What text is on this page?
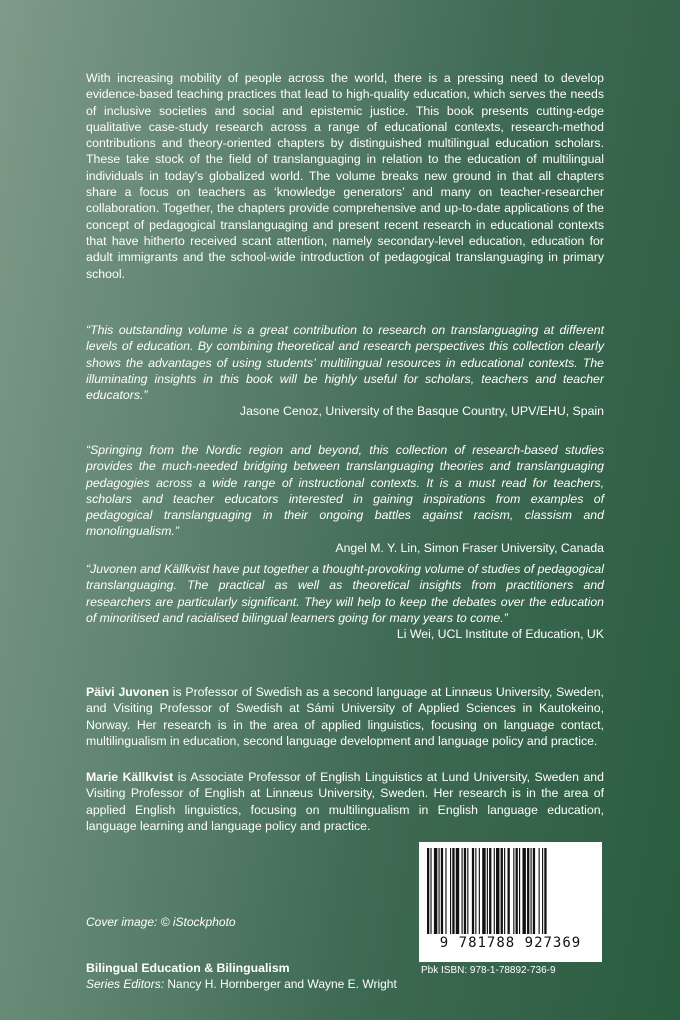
With increasing mobility of people across the world, there is a pressing need to develop evidence-based teaching practices that lead to high-quality education, which serves the needs of inclusive societies and social and epistemic justice. This book presents cutting-edge qualitative case-study research across a range of educational contexts, research-method contributions and theory-oriented chapters by distinguished multilingual education scholars. These take stock of the field of translanguaging in relation to the education of multilingual individuals in today's globalized world. The volume breaks new ground in that all chapters share a focus on teachers as ‘knowledge generators’ and many on teacher-researcher collaboration. Together, the chapters provide comprehensive and up-to-date applications of the concept of pedagogical translanguaging and present recent research in educational contexts that have hitherto received scant attention, namely secondary-level education, education for adult immigrants and the school-wide introduction of pedagogical translanguaging in primary school.

“This outstanding volume is a great contribution to research on translanguaging at different levels of education. By combining theoretical and research perspectives this collection clearly shows the advantages of using students’ multilingual resources in educational contexts. The illuminating insights in this book will be highly useful for scholars, teachers and teacher educators.”

Jasone Cenoz, University of the Basque Country, UPV/EHU, Spain

“Springing from the Nordic region and beyond, this collection of research-based studies provides the much-needed bridging between translanguaging theories and translanguaging pedagogies across a wide range of instructional contexts. It is a must read for teachers, scholars and teacher educators interested in gaining inspirations from examples of pedagogical translanguaging in their ongoing battles against racism, classism and monolingualism.”

Angel M. Y. Lin, Simon Fraser University, Canada

“Juvonen and Källkvist have put together a thought-provoking volume of studies of pedagogical translanguaging. The practical as well as theoretical insights from practitioners and researchers are particularly significant. They will help to keep the debates over the education of minoritised and racialised bilingual learners going for many years to come.”

Li Wei, UCL Institute of Education, UK

Päivi Juvonen is Professor of Swedish as a second language at Linnæus University, Sweden, and Visiting Professor of Swedish at Sámi University of Applied Sciences in Kautokeino, Norway. Her research is in the area of applied linguistics, focusing on language contact, multilingualism in education, second language development and language policy and practice.

Marie Källkvist is Associate Professor of English Linguistics at Lund University, Sweden and Visiting Professor of English at Linnæus University, Sweden. Her research is in the area of applied English linguistics, focusing on multilingualism in English language education, language learning and language policy and practice.

Cover image: © iStockphoto

Bilingual Education & Bilingualism

Series Editors: Nancy H. Hornberger and Wayne E. Wright

9 781788 927369
Pbk ISBN: 978-1-78892-736-9
